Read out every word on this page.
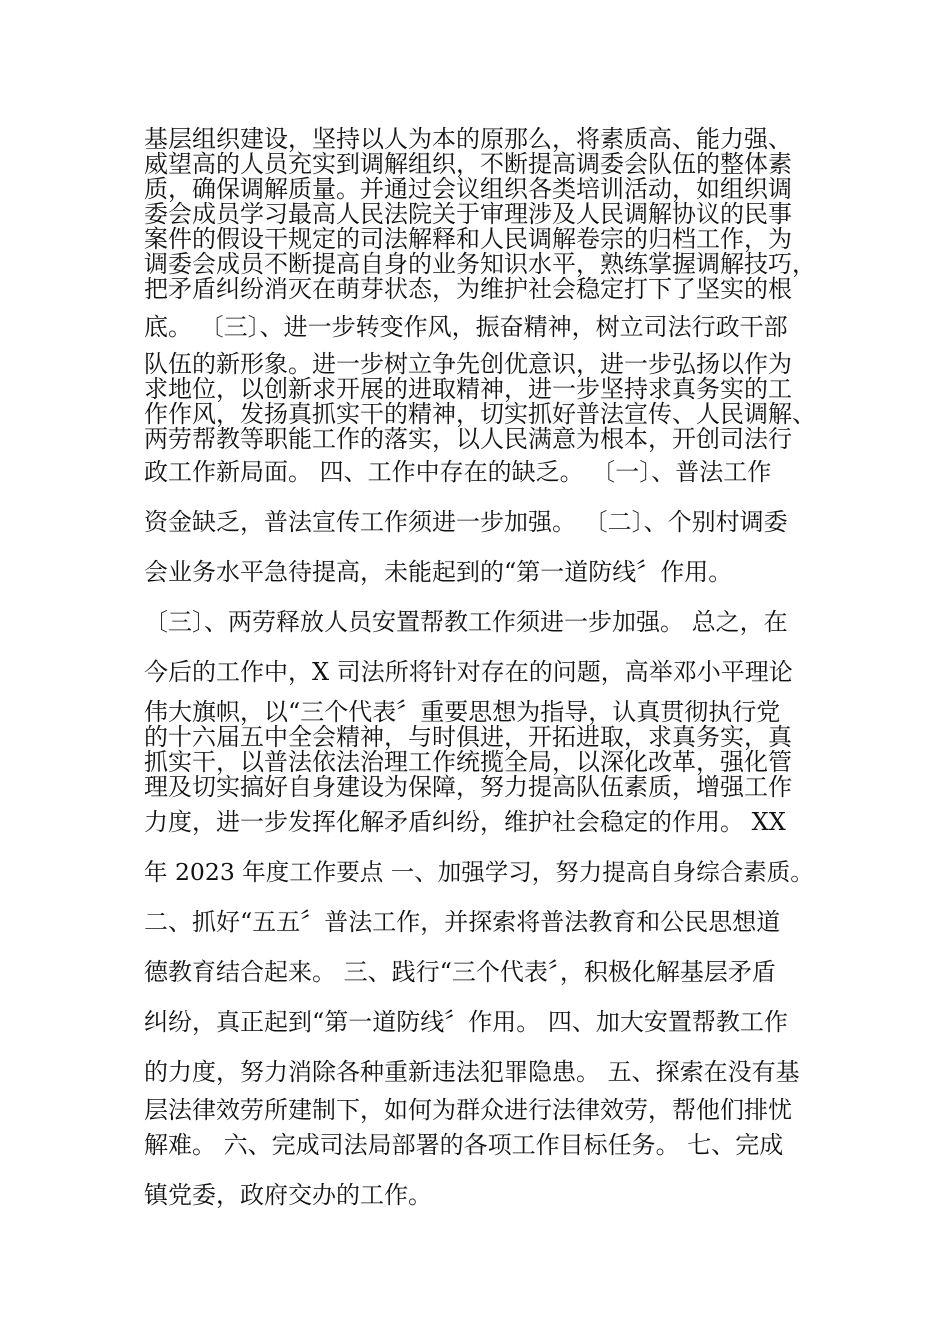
基层组织建设，坚持以人为本的原那么，将素质高、能力强、
威望高的人员充实到调解组织，不断提高调委会队伍的整体素
质，确保调解质量。并通过会议组织各类培训活动，如组织调
委会成员学习最高人民法院关于审理涉及人民调解协议的民事
案件的假设干规定的司法解释和人民调解卷宗的归档工作，为
调委会成员不断提高自身的业务知识水平，熟练掌握调解技巧，
把矛盾纠纷消灭在萌芽状态，为维护社会稳定打下了坚实的根
底。 〔三〕、进一步转变作风，振奋精神，树立司法行政干部
队伍的新形象。进一步树立争先创优意识，进一步弘扬以作为
求地位，以创新求开展的进取精神，进一步坚持求真务实的工
作作风，发扬真抓实干的精神，切实抓好普法宣传、人民调解、
两劳帮教等职能工作的落实，以人民满意为根本，开创司法行
政工作新局面。 四、工作中存在的缺乏。 〔一〕、普法工作
资金缺乏，普法宣传工作须进一步加强。 〔二〕、个别村调委
会业务水平急待提高，未能起到的“第一道防线〞作用。
〔三〕、两劳释放人员安置帮教工作须进一步加强。 总之，在
今后的工作中，X 司法所将针对存在的问题，高举邓小平理论
伟大旗帜，以“三个代表〞重要思想为指导，认真贯彻执行党
的十六届五中全会精神，与时俱进，开拓进取，求真务实，真
抓实干，以普法依法治理工作统揽全局，以深化改革，强化管
理及切实搞好自身建设为保障，努力提高队伍素质，增强工作
力度，进一步发挥化解矛盾纠纷，维护社会稳定的作用。 XX
年 2023 年度工作要点 一、加强学习，努力提高自身综合素质。
二、抓好“五五〞普法工作，并探索将普法教育和公民思想道
德教育结合起来。 三、践行“三个代表〞，积极化解基层矛盾
纠纷，真正起到“第一道防线〞作用。 四、加大安置帮教工作
的力度，努力消除各种重新违法犯罪隐患。 五、探索在没有基
层法律效劳所建制下，如何为群众进行法律效劳，帮他们排忧
解难。 六、完成司法局部署的各项工作目标任务。 七、完成
镇党委，政府交办的工作。
